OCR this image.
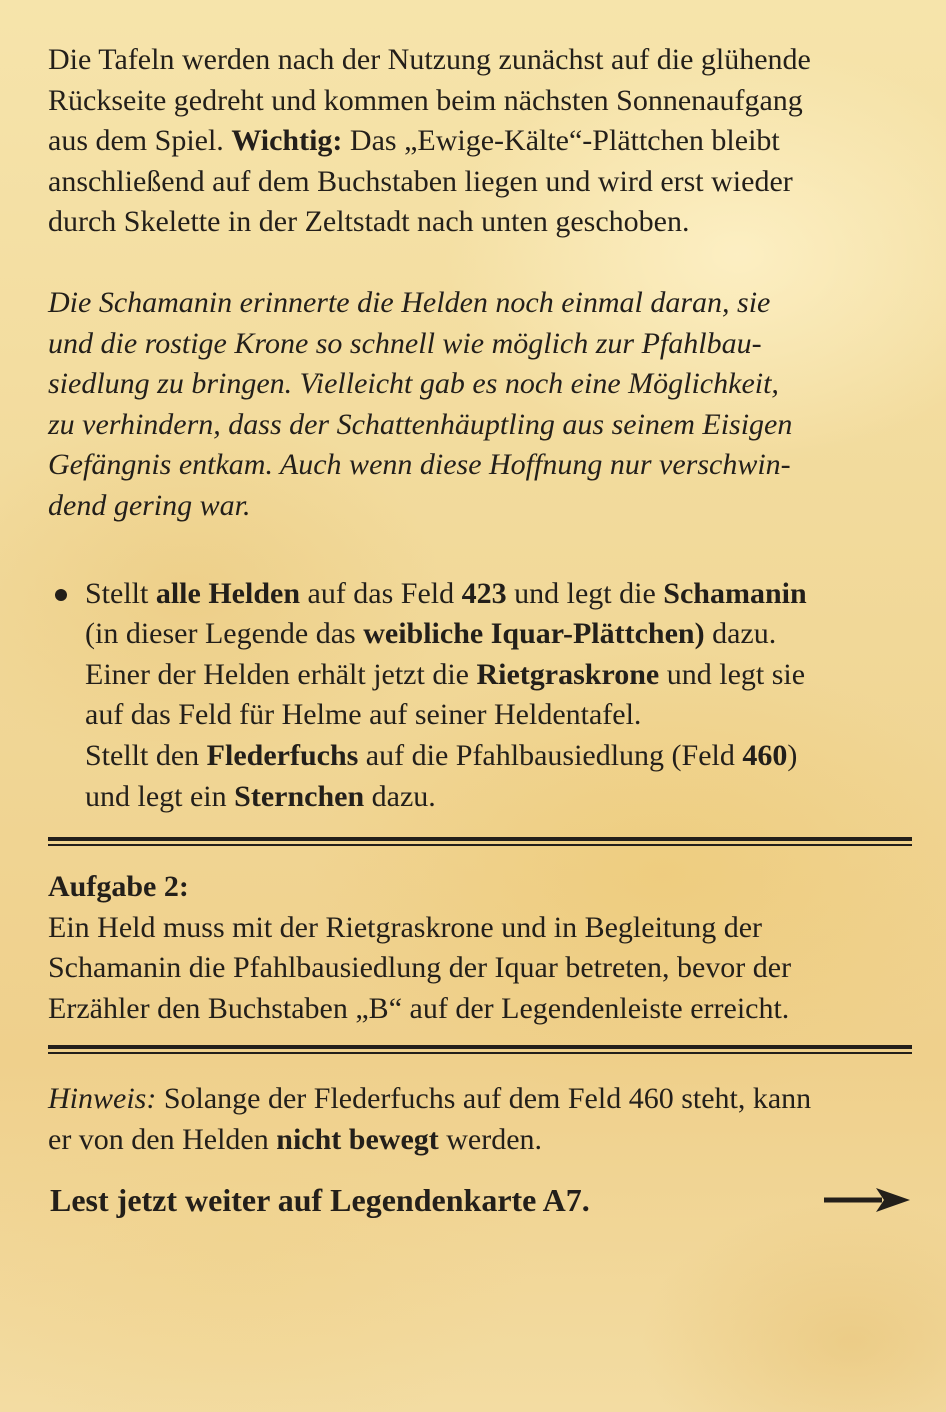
Die Tafeln werden nach der Nutzung zunächst auf die glühende
Rückseite gedreht und kommen beim nächsten Sonnenaufgang
aus dem Spiel. Wichtig: Das „Ewige-Kälte“-Plättchen bleibt
anschließend auf dem Buchstaben liegen und wird erst wieder
durch Skelette in der Zeltstadt nach unten geschoben.

Die Schamanin erinnerte die Helden noch einmal daran, sie
und die rostige Krone so schnell wie möglich zur Pfahlbau-
siedlung zu bringen. Vielleicht gab es noch eine Möglichkeit,
zu verhindern, dass der Schattenhäuptling aus seinem Eisigen
Gefängnis entkam. Auch wenn diese Hoffnung nur verschwin-
dend gering war.

Stellt alle Helden auf das Feld 423 und legt die Schamanin
(in dieser Legende das weibliche Iquar-Plättchen) dazu.
Einer der Helden erhält jetzt die Rietgraskrone und legt sie
auf das Feld für Helme auf seiner Heldentafel.
Stellt den Flederfuchs auf die Pfahlbausiedlung (Feld 460)
und legt ein Sternchen dazu.
Aufgabe 2:
Ein Held muss mit der Rietgraskrone und in Begleitung der
Schamanin die Pfahlbausiedlung der Iquar betreten, bevor der
Erzähler den Buchstaben „B“ auf der Legendenleiste erreicht.
Hinweis: Solange der Flederfuchs auf dem Feld 460 steht, kann
er von den Helden nicht bewegt werden.
Lest jetzt weiter auf Legendenkarte A7.
